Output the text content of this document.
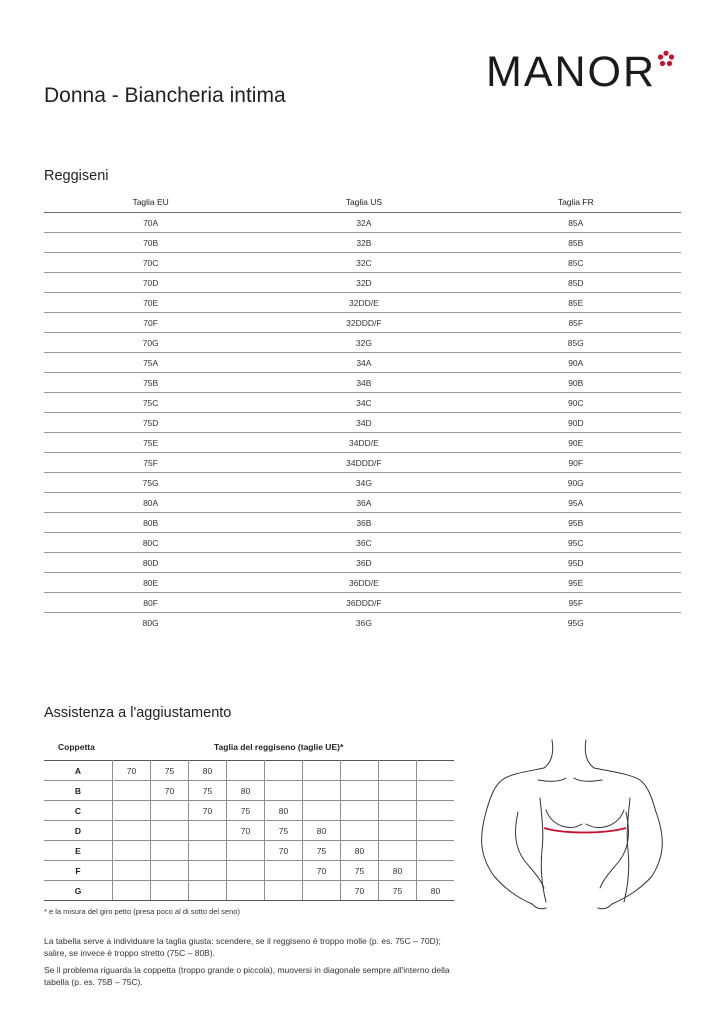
MANOR
Donna - Biancheria intima
Reggiseni
Taglia EU	Taglia US	Taglia FR
70A	32A	85A
70B	32B	85B
70C	32C	85C
70D	32D	85D
70E	32DD/E	85E
70F	32DDD/F	85F
70G	32G	85G
75A	34A	90A
75B	34B	90B
75C	34C	90C
75D	34D	90D
75E	34DD/E	90E
75F	34DDD/F	90F
75G	34G	90G
80A	36A	95A
80B	36B	95B
80C	36C	95C
80D	36D	95D
80E	36DD/E	95E
80F	36DDD/F	95F
80G	36G	95G
Assistenza a l'aggiustamento
Coppetta	Taglia del reggiseno (taglie UE)*
A	70	75	80						
B		70	75	80					
C			70	75	80				
D				70	75	80			
E					70	75	80		
F						70	75	80	
G							70	75	80
* e la misura del giro petto (presa poco al di sotto del seno)
La tabella serve a individuare la taglia giusta: scendere, se il reggiseno è troppo molle (p. es. 75C – 70D); salire, se invece è troppo stretto (75C – 80B).
Se il problema riguarda la coppetta (troppo grande o piccola), muoversi in diagonale sempre all'interno della tabella (p. es. 75B – 75C).
